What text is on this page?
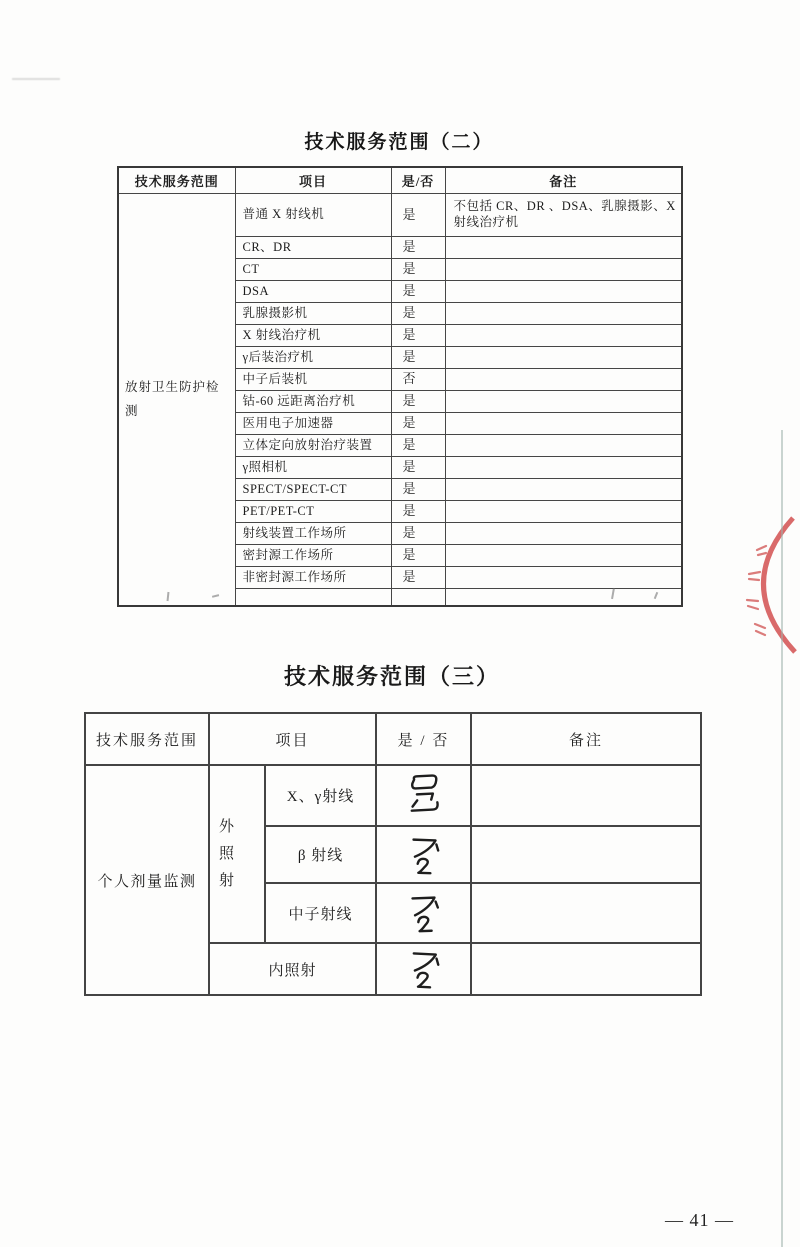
技术服务范围（二）
技术服务范围	项目	是/否	备注
放射卫生防护检测	普通 X 射线机	是	不包括 CR、DR 、DSA、乳腺摄影、X 射线治疗机
	CR、DR	是	
	CT	是	
	DSA	是	
	乳腺摄影机	是	
	X 射线治疗机	是	
	γ后装治疗机	是	
	中子后装机	否	
	钴-60 远距离治疗机	是	
	医用电子加速器	是	
	立体定向放射治疗装置	是	
	γ照相机	是	
	SPECT/SPECT-CT	是	
	PET/PET-CT	是	
	射线装置工作场所	是	
	密封源工作场所	是	
	非密封源工作场所	是	

技术服务范围（三）
技术服务范围	项目		是 / 否	备注
个人剂量监测	外 照 射	X、γ射线		
		β 射线		
		中子射线		
	内照射		
— 41 —
